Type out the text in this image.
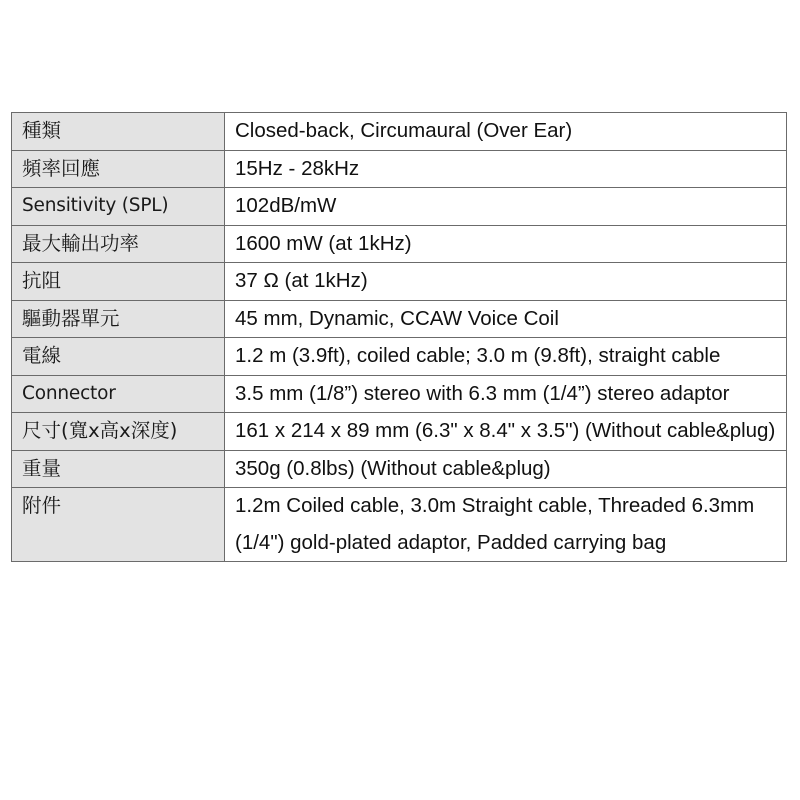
種類	Closed-back, Circumaural (Over Ear)
頻率回應	15Hz - 28kHz
Sensitivity (SPL)	102dB/mW
最大輸出功率	1600 mW (at 1kHz)
抗阻	37 Ω (at 1kHz)
驅動器單元	45 mm, Dynamic, CCAW Voice Coil
電線	1.2 m (3.9ft), coiled cable; 3.0 m (9.8ft), straight cable
Connector	3.5 mm (1/8”) stereo with 6.3 mm (1/4”) stereo adaptor
尺寸(寬x高x深度)	161 x 214 x 89 mm (6.3" x 8.4" x 3.5") (Without cable&plug)
重量	350g (0.8lbs) (Without cable&plug)
附件	1.2m Coiled cable, 3.0m Straight cable, Threaded 6.3mm (1/4") gold-plated adaptor, Padded carrying bag
